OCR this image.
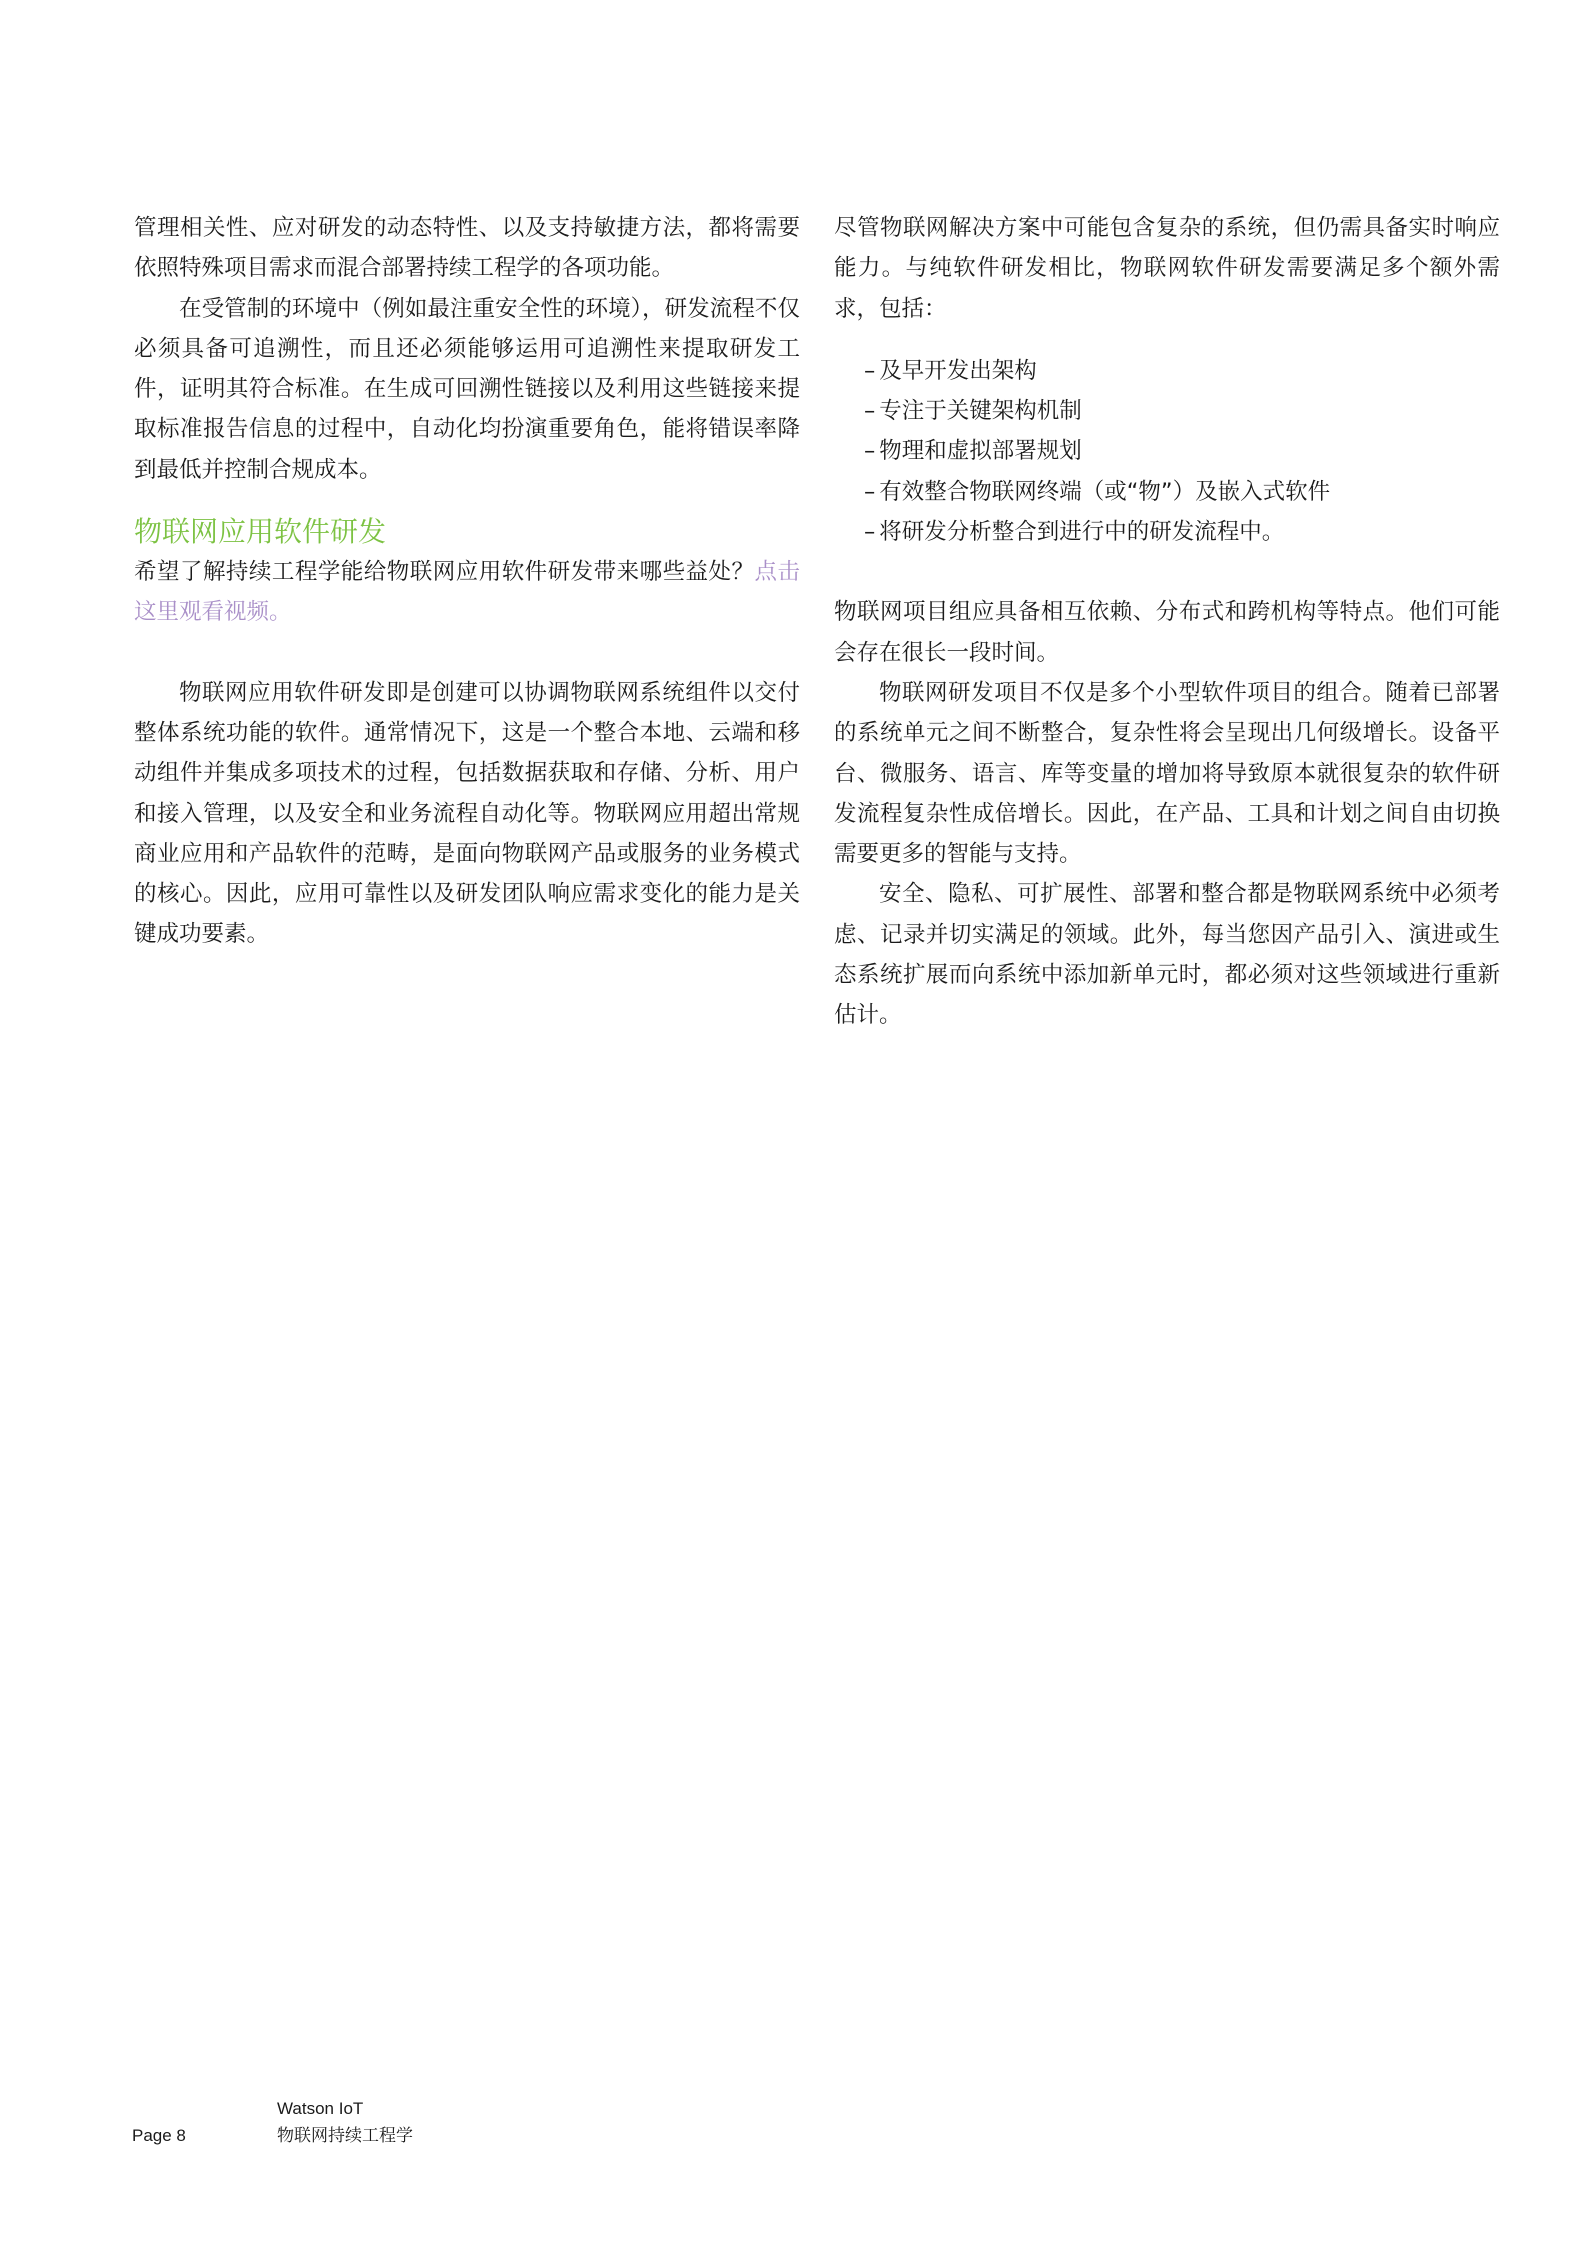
管理相关性、应对研发的动态特性、以及支持敏捷方法，都将需要依照特殊项目需求而混合部署持续工程学的各项功能。

在受管制的环境中（例如最注重安全性的环境），研发流程不仅必须具备可追溯性，而且还必须能够运用可追溯性来提取研发工件，证明其符合标准。在生成可回溯性链接以及利用这些链接来提取标准报告信息的过程中，自动化均扮演重要角色，能将错误率降到最低并控制合规成本。

物联网应用软件研发

希望了解持续工程学能给物联网应用软件研发带来哪些益处？点击这里观看视频。

物联网应用软件研发即是创建可以协调物联网系统组件以交付整体系统功能的软件。通常情况下，这是一个整合本地、云端和移动组件并集成多项技术的过程，包括数据获取和存储、分析、用户和接入管理，以及安全和业务流程自动化等。物联网应用超出常规商业应用和产品软件的范畴，是面向物联网产品或服务的业务模式的核心。因此，应用可靠性以及研发团队响应需求变化的能力是关键成功要素。

尽管物联网解决方案中可能包含复杂的系统，但仍需具备实时响应能力。与纯软件研发相比，物联网软件研发需要满足多个额外需求，包括：

– 及早开发出架构
– 专注于关键架构机制
– 物理和虚拟部署规划
– 有效整合物联网终端（或“物”）及嵌入式软件
– 将研发分析整合到进行中的研发流程中。

物联网项目组应具备相互依赖、分布式和跨机构等特点。他们可能会存在很长一段时间。

物联网研发项目不仅是多个小型软件项目的组合。随着已部署的系统单元之间不断整合，复杂性将会呈现出几何级增长。设备平台、微服务、语言、库等变量的增加将导致原本就很复杂的软件研发流程复杂性成倍增长。因此，在产品、工具和计划之间自由切换需要更多的智能与支持。

安全、隐私、可扩展性、部署和整合都是物联网系统中必须考虑、记录并切实满足的领域。此外，每当您因产品引入、演进或生态系统扩展而向系统中添加新单元时，都必须对这些领域进行重新估计。

Page 8
Watson IoT
物联网持续工程学
